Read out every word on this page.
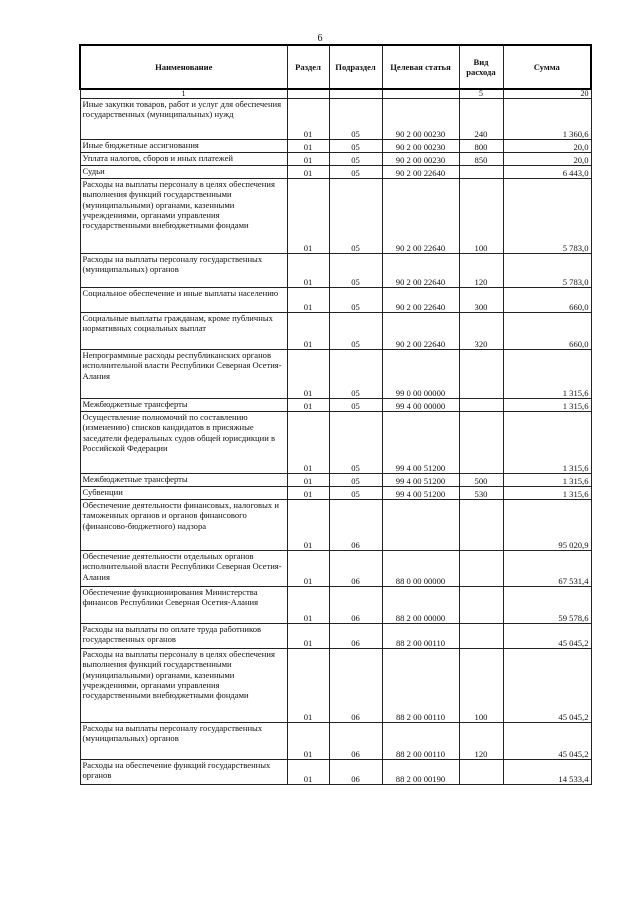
6
Наименование	Раздел	Подраздел	Целевая статья	Вид расхода	Сумма
1				5	20
Иные закупки товаров, работ и услуг для обеспечения государственных (муниципальных) нужд	01	05	90 2 00 00230	240	1 360,6
Иные бюджетные ассигнования	01	05	90 2 00 00230	800	20,0
Уплата налогов, сборов и иных платежей	01	05	90 2 00 00230	850	20,0
Судьи	01	05	90 2 00 22640		6 443,0
Расходы на выплаты персоналу в целях обеспечения выполнения функций государственными (муниципальными) органами, казенными учреждениями, органами управления государственными внебюджетными фондами	01	05	90 2 00 22640	100	5 783,0
Расходы на выплаты персоналу государственных (муниципальных) органов	01	05	90 2 00 22640	120	5 783,0
Социальное обеспечение и иные выплаты населению	01	05	90 2 00 22640	300	660,0
Социальные выплаты гражданам, кроме публичных нормативных социальных выплат	01	05	90 2 00 22640	320	660,0
Непрограммные расходы республиканских органов исполнительной власти Республики Северная Осетия-Алания	01	05	99 0 00 00000		1 315,6
Межбюджетные трансферты	01	05	99 4 00 00000		1 315,6
Осуществление полномочий по составлению (изменению) списков кандидатов в присяжные заседатели федеральных судов общей юрисдикции в Российской Федерации	01	05	99 4 00 51200		1 315,6
Межбюджетные трансферты	01	05	99 4 00 51200	500	1 315,6
Субвенции	01	05	99 4 00 51200	530	1 315,6
Обеспечение деятельности финансовых, налоговых и таможенных органов и органов финансового (финансово-бюджетного) надзора	01	06			95 020,9
Обеспечение деятельности отдельных органов исполнительной власти Республики Северная Осетия-Алания	01	06	88 0 00 00000		67 531,4
Обеспечение функционирования Министерства финансов Республики Северная Осетия-Алания	01	06	88 2 00 00000		59 578,6
Расходы на выплаты по оплате труда работников государственных органов	01	06	88 2 00 00110		45 045,2
Расходы на выплаты персоналу в целях обеспечения выполнения функций государственными (муниципальными) органами, казенными учреждениями, органами управления государственными внебюджетными фондами	01	06	88 2 00 00110	100	45 045,2
Расходы на выплаты персоналу государственных (муниципальных) органов	01	06	88 2 00 00110	120	45 045,2
Расходы на обеспечение функций государственных органов	01	06	88 2 00 00190		14 533,4
